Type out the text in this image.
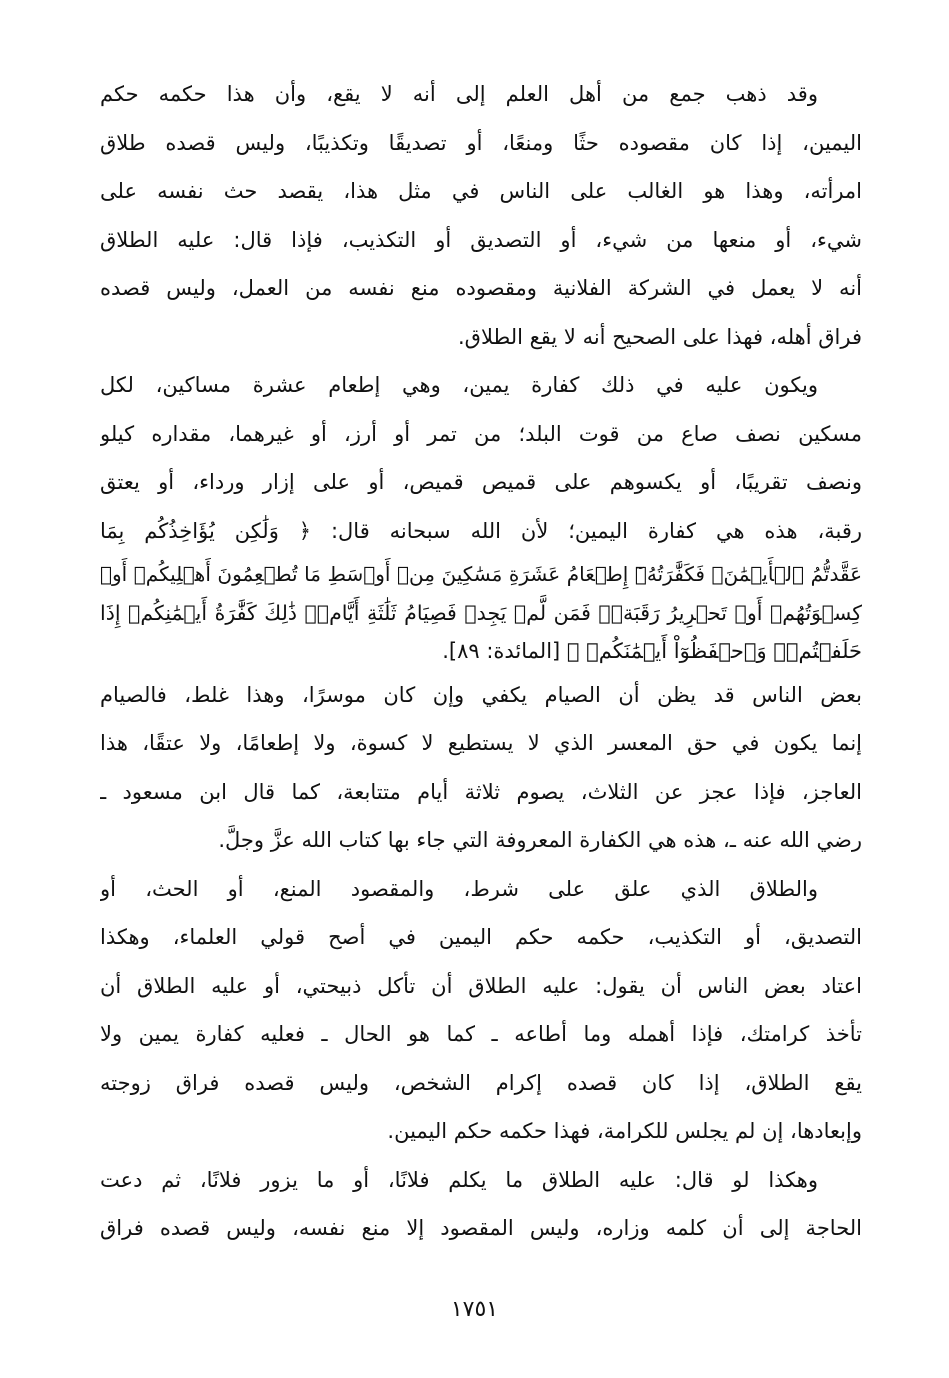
وقد ذهب جمع من أهل العلم إلى أنه لا يقع، وأن هذا حكمه حكم
اليمين، إذا كان مقصوده حثًا ومنعًا، أو تصديقًا وتكذيبًا، وليس قصده طلاق
امرأته، وهذا هو الغالب على الناس في مثل هذا، يقصد حث نفسه على
شيء، أو منعها من شيء، أو التصديق أو التكذيب، فإذا قال: عليه الطلاق
أنه لا يعمل في الشركة الفلانية ومقصوده منع نفسه من العمل، وليس قصده
فراق أهله، فهذا على الصحيح أنه لا يقع الطلاق.
ويكون عليه في ذلك كفارة يمين، وهي إطعام عشرة مساكين، لكل
مسكين نصف صاع من قوت البلد؛ من تمر أو أرز، أو غيرهما، مقداره كيلو
ونصف تقريبًا، أو يكسوهم على قميص قميص، أو على إزار ورداء، أو يعتق
رقبة، هذه هي كفارة اليمين؛ لأن الله سبحانه قال: ﴿ وَلَٰكِن يُؤَاخِذُكُم بِمَا
عَقَّدتُّمُ ٱلۡأَيۡمَٰنَۖ فَكَفَّٰرَتُهُۥٓ إِطۡعَامُ عَشَرَةِ مَسَٰكِينَ مِنۡ أَوۡسَطِ مَا تُطۡعِمُونَ أَهۡلِيكُمۡ أَوۡ
كِسۡوَتُهُمۡ أَوۡ تَحۡرِيرُ رَقَبَةٖۖ فَمَن لَّمۡ يَجِدۡ فَصِيَامُ ثَلَٰثَةِ أَيَّامٖۚ ذَٰلِكَ كَفَّٰرَةُ أَيۡمَٰنِكُمۡ إِذَا
حَلَفۡتُمۡۚ وَٱحۡفَظُوٓاْ أَيۡمَٰنَكُمۡ ﴾ [المائدة: ٨٩].
بعض الناس قد يظن أن الصيام يكفي وإن كان موسرًا، وهذا غلط، فالصيام
إنما يكون في حق المعسر الذي لا يستطيع لا كسوة، ولا إطعامًا، ولا عتقًا، هذا
العاجز، فإذا عجز عن الثلاث، يصوم ثلاثة أيام متتابعة، كما قال ابن مسعود ـ
رضي الله عنه ـ، هذه هي الكفارة المعروفة التي جاء بها كتاب الله عزَّ وجلَّ.
والطلاق الذي علق على شرط، والمقصود المنع، أو الحث، أو
التصديق، أو التكذيب، حكمه حكم اليمين في أصح قولي العلماء، وهكذا
اعتاد بعض الناس أن يقول: عليه الطلاق أن تأكل ذبيحتي، أو عليه الطلاق أن
تأخذ كرامتك، فإذا أهمله وما أطاعه ـ كما هو الحال ـ فعليه كفارة يمين ولا
يقع الطلاق، إذا كان قصده إكرام الشخص، وليس قصده فراق زوجته
وإبعادها، إن لم يجلس للكرامة، فهذا حكمه حكم اليمين.
وهكذا لو قال: عليه الطلاق ما يكلم فلانًا، أو ما يزور فلانًا، ثم دعت
الحاجة إلى أن كلمه وزاره، وليس المقصود إلا منع نفسه، وليس قصده فراق
١٧٥١
